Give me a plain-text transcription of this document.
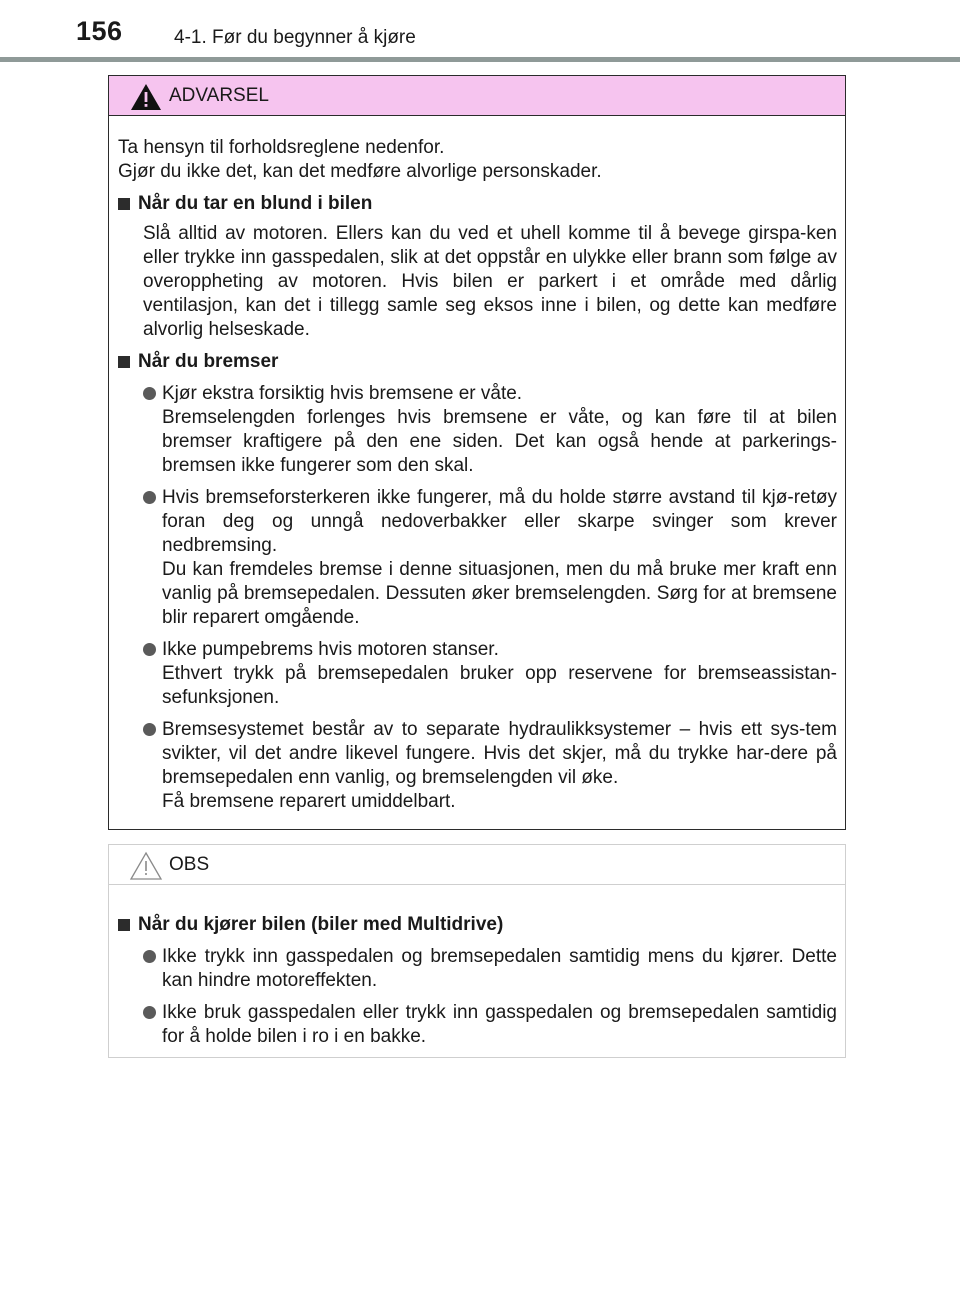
156	4-1. Før du begynner å kjøre
ADVARSEL

Ta hensyn til forholdsreglene nedenfor.

Gjør du ikke det, kan det medføre alvorlige personskader.

Når du tar en blund i bilen
Slå alltid av motoren. Ellers kan du ved et uhell komme til å bevege girspa-ken eller trykke inn gasspedalen, slik at det oppstår en ulykke eller brann som følge av overoppheting av motoren. Hvis bilen er parkert i et område med dårlig ventilasjon, kan det i tillegg samle seg eksos inne i bilen, og dette kan medføre alvorlig helseskade.
Når du bremser

Kjør ekstra forsiktig hvis bremsene er våte.

Bremselengden forlenges hvis bremsene er våte, og kan føre til at bilen bremser kraftigere på den ene siden. Det kan også hende at parkerings-bremsen ikke fungerer som den skal.

Hvis bremseforsterkeren ikke fungerer, må du holde større avstand til kjø-retøy foran deg og unngå nedoverbakker eller skarpe svinger som krever nedbremsing.

Du kan fremdeles bremse i denne situasjonen, men du må bruke mer kraft enn vanlig på bremsepedalen. Dessuten øker bremselengden. Sørg for at bremsene blir reparert omgående.

Ikke pumpebrems hvis motoren stanser.

Ethvert trykk på bremsepedalen bruker opp reservene for bremseassistan-sefunksjonen.

Bremsesystemet består av to separate hydraulikksystemer – hvis ett sys-tem svikter, vil det andre likevel fungere. Hvis det skjer, må du trykke har-dere på bremsepedalen enn vanlig, og bremselengden vil øke.

Få bremsene reparert umiddelbart.

OBS
Når du kjører bilen (biler med Multidrive)

Ikke trykk inn gasspedalen og bremsepedalen samtidig mens du kjører. Dette kan hindre motoreffekten.

Ikke bruk gasspedalen eller trykk inn gasspedalen og bremsepedalen samtidig for å holde bilen i ro i en bakke.
